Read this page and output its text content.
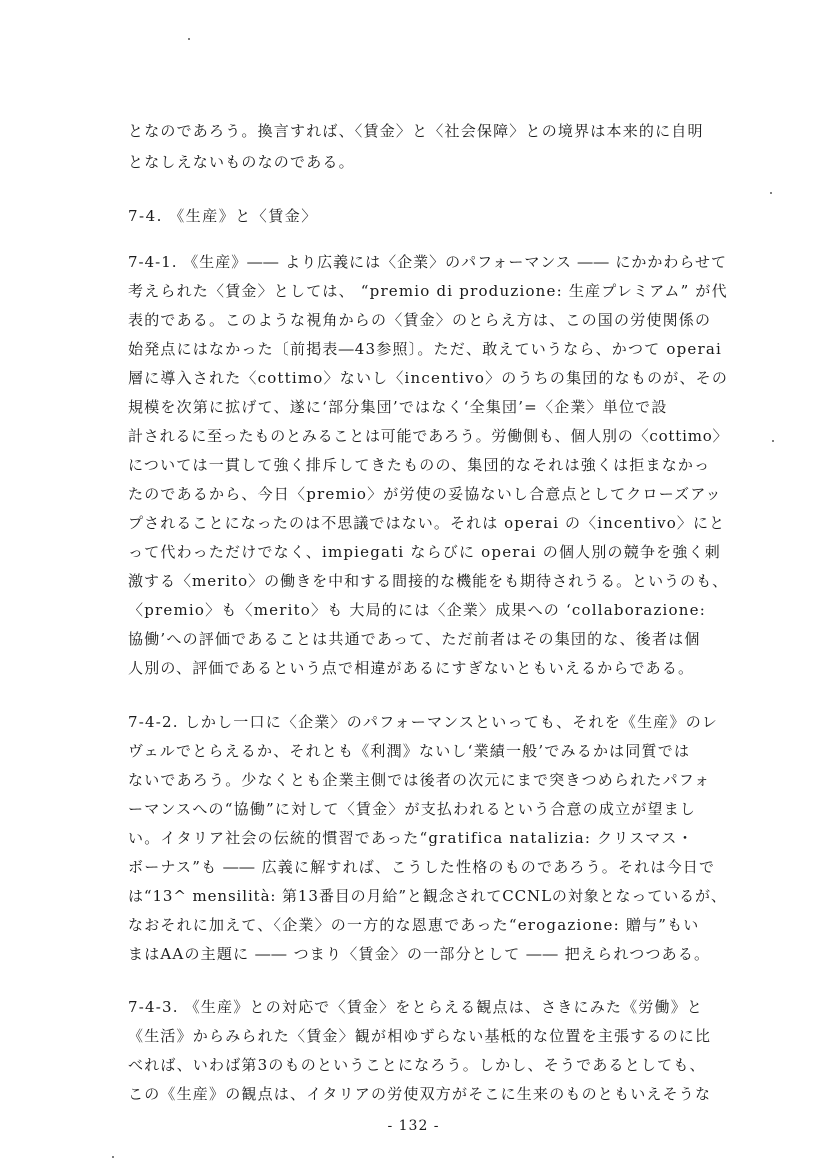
となのであろう。換言すれば、〈賃金〉と〈社会保障〉との境界は本来的に自明
となしえないものなのである。
7-4. 《生産》と〈賃金〉
7-4-1. 《生産》―― より広義には〈企業〉のパフォーマンス ―― にかかわらせて
考えられた〈賃金〉としては、 “premio di produzione: 生産プレミアム” が代
表的である。このような視角からの〈賃金〉のとらえ方は、この国の労使関係の
始発点にはなかった〔前掲表―43参照〕。ただ、敢えていうなら、かつて operai
層に導入された〈cottimo〉ないし〈incentivo〉のうちの集団的なものが、その
規模を次第に拡げて、遂に‘部分集団’ではなく‘全集団’=〈企業〉単位で設
計されるに至ったものとみることは可能であろう。労働側も、個人別の〈cottimo〉
については一貫して強く排斥してきたものの、集団的なそれは強くは拒まなかっ
たのであるから、今日〈premio〉が労使の妥協ないし合意点としてクローズアッ
プされることになったのは不思議ではない。それは operai の〈incentivo〉にと
って代わっただけでなく、impiegati ならびに operai の個人別の競争を強く刺
激する〈merito〉の働きを中和する間接的な機能をも期待されうる。というのも、
〈premio〉も〈merito〉も 大局的には〈企業〉成果への ‘collaborazione:
協働’への評価であることは共通であって、ただ前者はその集団的な、後者は個
人別の、評価であるという点で相違があるにすぎないともいえるからである。
7-4-2. しかし一口に〈企業〉のパフォーマンスといっても、それを《生産》のレ
ヴェルでとらえるか、それとも《利潤》ないし‘業績一般’でみるかは同質では
ないであろう。少なくとも企業主側では後者の次元にまで突きつめられたパフォ
ーマンスへの“協働”に対して〈賃金〉が支払われるという合意の成立が望まし
い。イタリア社会の伝統的慣習であった“gratifica natalizia: クリスマス・
ボーナス”も ―― 広義に解すれば、こうした性格のものであろう。それは今日で
は“13^ mensilità: 第13番目の月給”と観念されてCCNLの対象となっているが、
なおそれに加えて、〈企業〉の一方的な恩恵であった“erogazione: 贈与”もい
まはAAの主題に ―― つまり〈賃金〉の一部分として ―― 把えられつつある。
7-4-3. 《生産》との対応で〈賃金〉をとらえる観点は、さきにみた《労働》と
《生活》からみられた〈賃金〉観が相ゆずらない基柢的な位置を主張するのに比
べれば、いわば第3のものということになろう。しかし、そうであるとしても、
この《生産》の観点は、イタリアの労使双方がそこに生来のものともいえそうな
- 132 -
